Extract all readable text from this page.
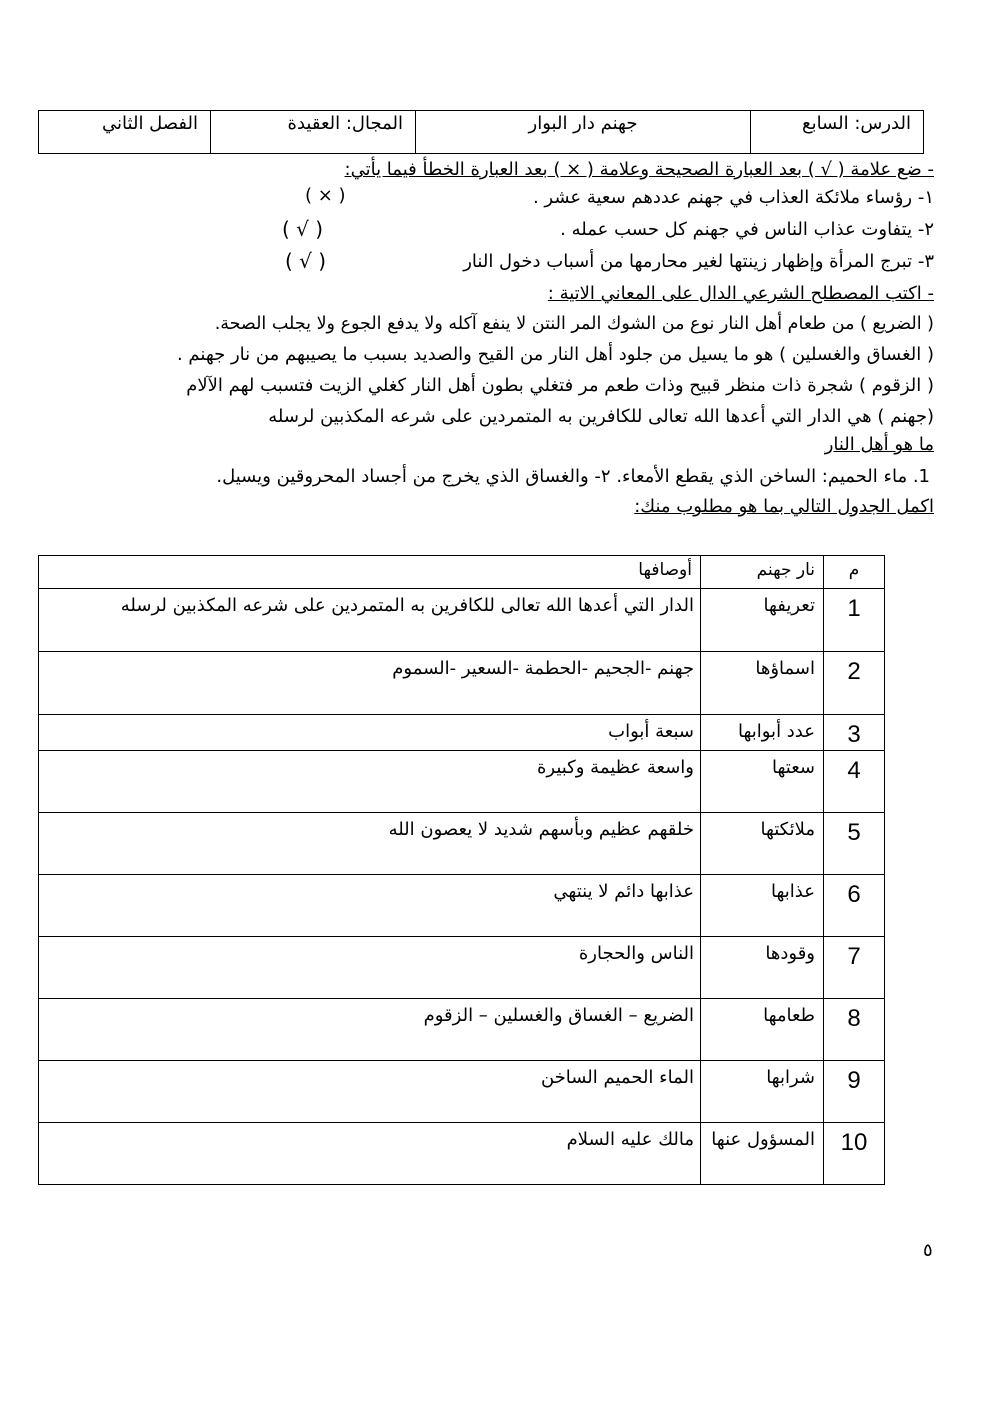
الدرس: السابع	جهنم دار البوار	المجال: العقيدة	الفصل الثاني
- ضع علامة ( √ ) بعد العبارة الصحيحة وعلامة ( × ) بعد العبارة الخطأ فيما يأتي:
١- رؤساء ملائكة العذاب في جهنم عددهم سعية عشر .
( × )
٢- يتفاوت عذاب الناس في جهنم كل حسب عمله .
( √ )
٣- تبرج المرأة وإظهار زينتها لغير محارمها من أسباب دخول النار
( √ )
- اكتب المصطلح الشرعي الدال على المعاني الاتية :
( الضريع ) من طعام أهل النار نوع من الشوك المر النتن لا ينفع آكله ولا يدفع الجوع ولا يجلب الصحة.
( الغساق والغسلين ) هو ما يسيل من جلود أهل النار من القيح والصديد بسبب ما يصيبهم من نار جهنم .
( الزقوم ) شجرة ذات منظر قبيح وذات طعم مر فتغلي بطون أهل النار كغلي الزيت فتسبب لهم الآلام
(جهنم ) هي الدار التي أعدها الله تعالى للكافرين به المتمردين على شرعه المكذبين لرسله
ما هو أهل النار
1. ماء الحميم: الساخن الذي يقطع الأمعاء. ٢- والغساق الذي يخرج من أجساد المحروقين ويسيل.
اكمل الجدول التالي بما هو مطلوب منك:
م	نار جهنم	أوصافها
1	تعريفها	الدار التي أعدها الله تعالى للكافرين به المتمردين على شرعه المكذبين لرسله
2	اسماؤها	جهنم -الجحيم -الحطمة -السعير -السموم
3	عدد أبوابها	سبعة أبواب
4	سعتها	واسعة عظيمة وكبيرة
5	ملائكتها	خلقهم عظيم وبأسهم شديد لا يعصون الله
6	عذابها	عذابها دائم لا ينتهي
7	وقودها	الناس والحجارة
8	طعامها	الضريع – الغساق والغسلين – الزقوم
9	شرابها	الماء الحميم الساخن
10	المسؤول عنها	مالك عليه السلام
٥
